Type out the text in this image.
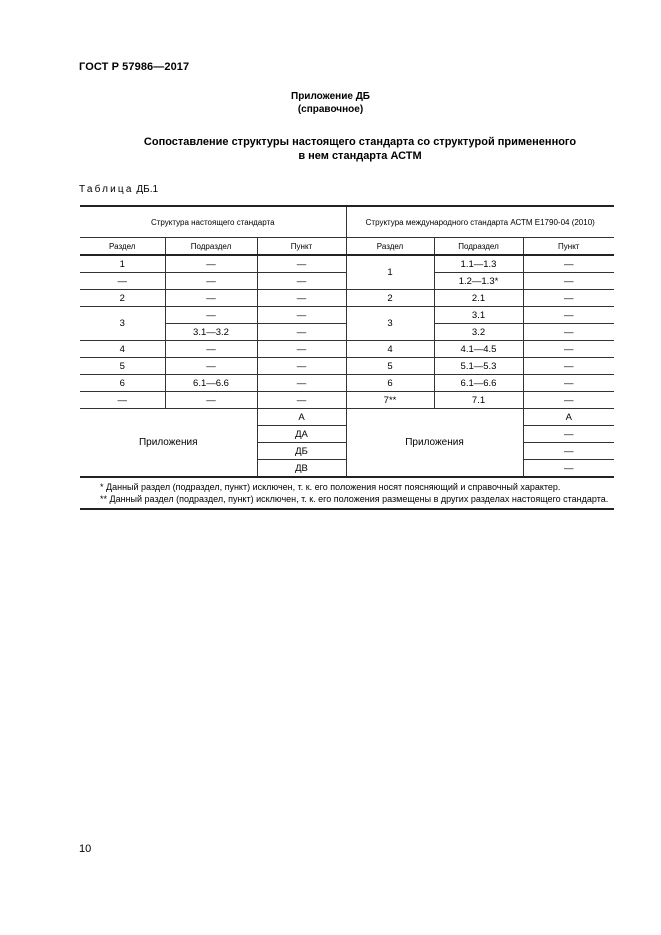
ГОСТ Р 57986—2017
Приложение ДБ
(справочное)
Сопоставление структуры настоящего стандарта со структурой примененного
в нем стандарта АСТМ
Таблица ДБ.1
Структура настоящего стандарта			Структура международного стандарта АСТМ Е1790-04 (2010)		
Раздел	Подраздел	Пункт	Раздел	Подраздел	Пункт
1	—	—	1	1.1—1.3	—
—	—	—		1.2—1.3*	—
2	—	—	2	2.1	—
3	—	—	3	3.1	—
	3.1—3.2	—		3.2	—
4	—	—	4	4.1—4.5	—
5	—	—	5	5.1—5.3	—
6	6.1—6.6	—	6	6.1—6.6	—
—	—	—	7**	7.1	—
Приложения		А	Приложения		А
		ДА			—
		ДБ			—
		ДВ			—

* Данный раздел (подраздел, пункт) исключен, т. к. его положения носят поясняющий и справочный характер.
** Данный раздел (подраздел, пункт) исключен, т. к. его положения размещены в других разделах настоящего стандарта.					
10
